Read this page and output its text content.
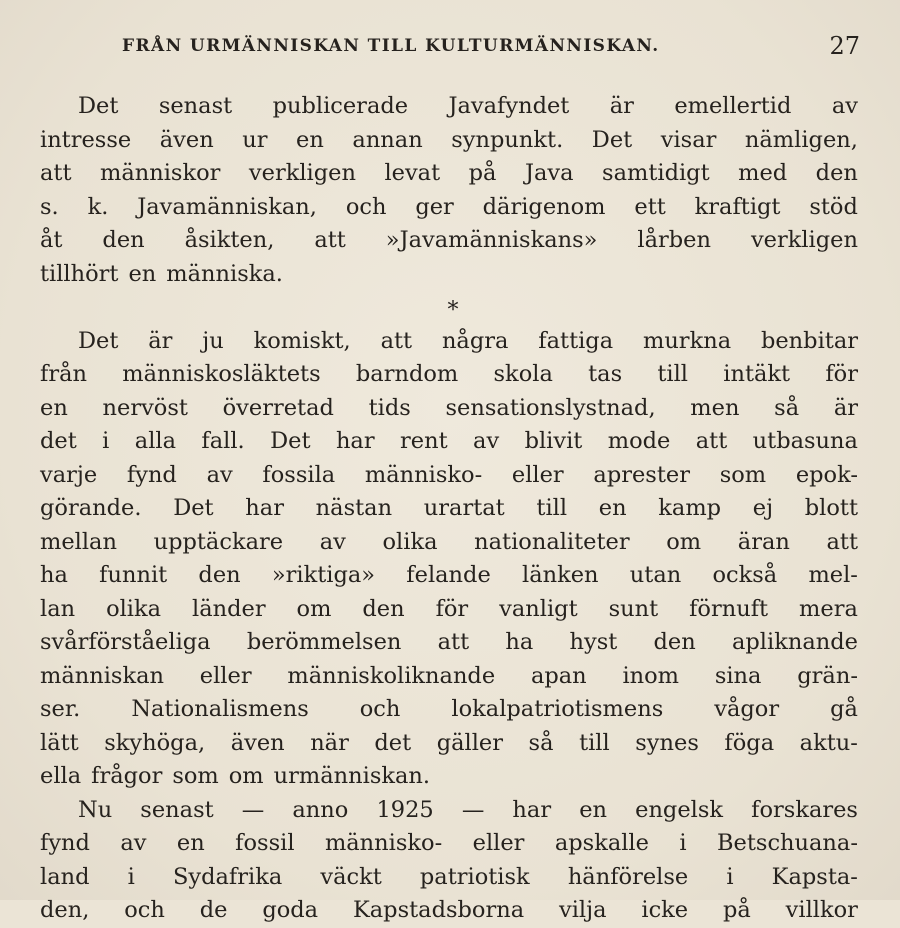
FRÅN URMÄNNISKAN TILL KULTURMÄNNISKAN.	27
Det senast publicerade Javafyndet är emellertid av
intresse även ur en annan synpunkt. Det visar nämligen,
att människor verkligen levat på Java samtidigt med den
s. k. Javamänniskan, och ger därigenom ett kraftigt stöd
åt den åsikten, att »Javamänniskans» lårben verkligen
tillhört en människa.
*
Det är ju komiskt, att några fattiga murkna benbitar
från människosläktets barndom skola tas till intäkt för
en nervöst överretad tids sensationslystnad, men så är
det i alla fall. Det har rent av blivit mode att utbasuna
varje fynd av fossila människo- eller aprester som epok-
görande. Det har nästan urartat till en kamp ej blott
mellan upptäckare av olika nationaliteter om äran att
ha funnit den »riktiga» felande länken utan också mel-
lan olika länder om den för vanligt sunt förnuft mera
svårförståeliga berömmelsen att ha hyst den apliknande
människan eller människoliknande apan inom sina grän-
ser. Nationalismens och lokalpatriotismens vågor gå
lätt skyhöga, även när det gäller så till synes föga aktu-
ella frågor som om urmänniskan.
Nu senast — anno 1925 — har en engelsk forskares
fynd av en fossil människo- eller apskalle i Betschuana-
land i Sydafrika väckt patriotisk hänförelse i Kapsta-
den, och de goda Kapstadsborna vilja icke på villkor
